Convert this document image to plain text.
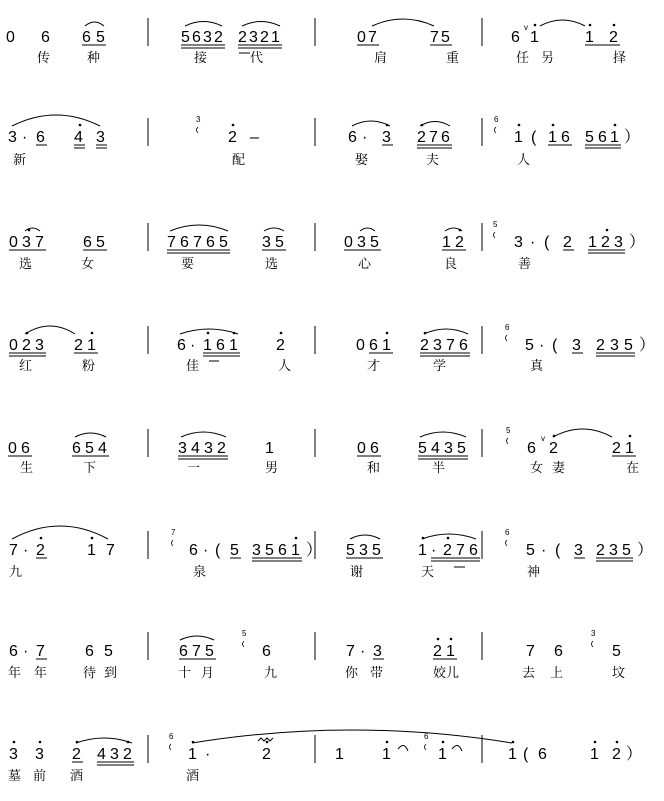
0 6 6 5
传	种
5 6 3 2 2 3 2 1
接	代
0 7	7 5
肩	重
6 1	1 2
任 另	择
3 · 6 4 3
新
2 –
配
6 · 3 2 7 6
娶	夫
1 ( 1 6 5 6 1 ）
人
0 3 7 6 5
选	女
7 6 7 6 5 3 5
要	选
0 3 5	1 2
心	良
3 · ( 2 1 2 3 ）
善
0 2 3 2 1
红	粉
6 · 1 6 1 2
佳	人
0 6 1 2 3 7 6
才	学
5 · ( 3 2 3 5 ）
真
0 6	6 5 4
生	下
3 4 3 2 1
一	男
0 6 5 4 3 5
和	半
6 2	2 1
女 妻	在
7 · 2	1 7
九
6 · ( 5 3 5 6 1 ）
泉
5 3 5 1 · 2 7 6
谢	天
5 · ( 3 2 3 5 ）
神
6 · 7	6 5
年 年	待 到
6 7 5	6
十 月	九
7 · 3	2 1
你 带	姣儿
7 6	5
去 上	坟
3 3 2 4 3 2
墓 前 酒
1 ·	2
酒
1 1	1	1 ( 6	1 2 ）
3	6
5
6
5
7	6
5	3
6	6
v
v
